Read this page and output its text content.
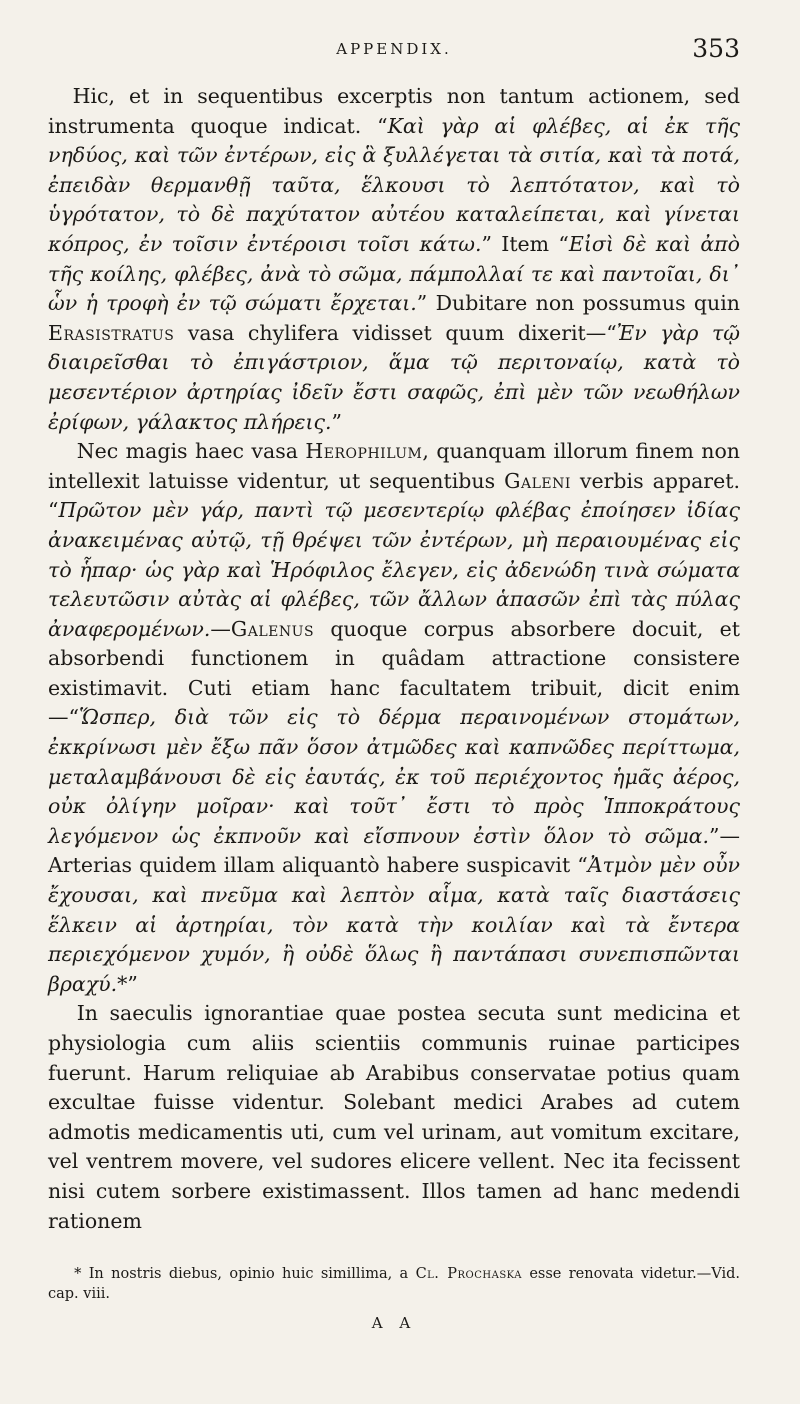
APPENDIX.	353

Hic, et in sequentibus excerptis non tantum actionem, sed instrumenta quoque indicat. “Καὶ γὰρ αἱ φλέβες, αἱ ἐκ τῆς νηδύος, καὶ τῶν ἐντέρων, εἰς ἃ ξυλλέγεται τὰ σιτία, καὶ τὰ ποτά, ἐπειδὰν θερμανθῇ ταῦτα, ἕλκουσι τὸ λεπτότατον, καὶ τὸ ὑγρότατον, τὸ δὲ παχύτατον αὐτέου καταλείπεται, καὶ γίνεται κόπρος, ἐν τοῖσιν ἐντέροισι τοῖσι κάτω.” Item “Εἰσὶ δὲ καὶ ἀπὸ τῆς κοίλης, φλέβες, ἀνὰ τὸ σῶμα, πάμπολλαί τε καὶ παντοῖαι, δι᾽ ὧν ἡ τροφὴ ἐν τῷ σώματι ἔρχεται.” Dubitare non possumus quin Erasistratus vasa chylifera vidisset quum dixerit—“Ἐν γὰρ τῷ διαιρεῖσθαι τὸ ἐπιγάστριον, ἅμα τῷ περιτοναίῳ, κατὰ τὸ μεσεντέριον ἀρτηρίας ἰδεῖν ἔστι σαφῶς, ἐπὶ μὲν τῶν νεωθήλων ἐρίφων, γάλακτος πλήρεις.”

Nec magis haec vasa Herophilum, quanquam illorum finem non intellexit latuisse videntur, ut sequentibus Galeni verbis apparet. “Πρῶτον μὲν γάρ, παντὶ τῷ μεσεντερίῳ φλέβας ἐποίησεν ἰδίας ἀνακειμένας αὐτῷ, τῇ θρέψει τῶν ἐντέρων, μὴ περαιουμένας εἰς τὸ ἧπαρ· ὡς γὰρ καὶ Ἡρόφιλος ἔλεγεν, εἰς ἀδενώδη τινὰ σώματα τελευτῶσιν αὐτὰς αἱ φλέβες, τῶν ἄλλων ἁπασῶν ἐπὶ τὰς πύλας ἀναφερομένων.—Galenus quoque corpus absorbere docuit, et absorbendi functionem in quâdam attractione consistere existimavit. Cuti etiam hanc facultatem tribuit, dicit enim—“Ὥσπερ, διὰ τῶν εἰς τὸ δέρμα περαινομένων στομάτων, ἐκκρίνωσι μὲν ἔξω πᾶν ὅσον ἀτμῶδες καὶ καπνῶδες περίττωμα, μεταλαμβάνουσι δὲ εἰς ἑαυτάς, ἐκ τοῦ περιέχοντος ἡμᾶς ἀέρος, οὐκ ὀλίγην μοῖραν· καὶ τοῦτ᾽ ἔστι τὸ πρὸς Ἱπποκράτους λεγόμενον ὡς ἐκπνοῦν καὶ εἴσπνουν ἐστὶν ὅλον τὸ σῶμα.”—Arterias quidem illam aliquantò habere suspicavit “Ἀτμὸν μὲν οὖν ἔχουσαι, καὶ πνεῦμα καὶ λεπτὸν αἷμα, κατὰ ταῖς διαστάσεις ἕλκειν αἱ ἀρτηρίαι, τὸν κατὰ τὴν κοιλίαν καὶ τὰ ἔντερα περιεχόμενον χυμόν, ἢ οὐδὲ ὅλως ἢ παντάπασι συνεπισπῶνται βραχύ.*”

In saeculis ignorantiae quae postea secuta sunt medicina et physiologia cum aliis scientiis communis ruinae participes fuerunt. Harum reliquiae ab Arabibus conservatae potius quam excultae fuisse videntur. Solebant medici Arabes ad cutem admotis medicamentis uti, cum vel urinam, aut vomitum excitare, vel ventrem movere, vel sudores elicere vellent. Nec ita fecissent nisi cutem sorbere existimassent. Illos tamen ad hanc medendi rationem

* In nostris diebus, opinio huic simillima, a Cl. Prochaska esse renovata videtur.—Vid. cap. viii.
A A
